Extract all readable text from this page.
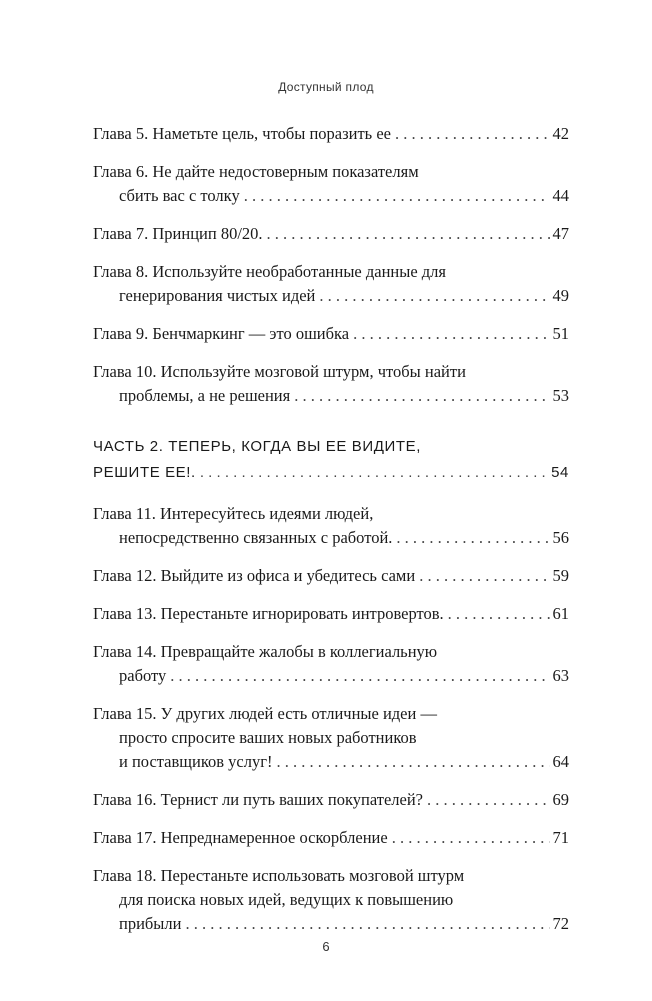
Доступный плод
Глава 5. Наметьте цель, чтобы поразить ее . . .	42
Глава 6. Не дайте недостоверным показателям
сбить вас с толку . . .	44
Глава 7. Принцип 80/20. . . .	47
Глава 8. Используйте необработанные данные для
генерирования чистых идей . . .	49
Глава 9. Бенчмаркинг — это ошибка . . .	51
Глава 10. Используйте мозговой штурм, чтобы найти
проблемы, а не решения . . .	53
ЧАСТЬ 2. ТЕПЕРЬ, КОГДА ВЫ ЕЕ ВИДИТЕ,
РЕШИТЕ ЕЕ!. . . .	54
Глава 11. Интересуйтесь идеями людей,
непосредственно связанных с работой. . . .	56
Глава 12. Выйдите из офиса и убедитесь сами . . .	59
Глава 13. Перестаньте игнорировать интровертов. . . .	61
Глава 14. Превращайте жалобы в коллегиальную
работу . . .	63
Глава 15. У других людей есть отличные идеи —
просто спросите ваших новых работников
и поставщиков услуг! . . .	64
Глава 16. Тернист ли путь ваших покупателей? . . .	69
Глава 17. Непреднамеренное оскорбление . . .	71
Глава 18. Перестаньте использовать мозговой штурм
для поиска новых идей, ведущих к повышению
прибыли . . .	72
6
